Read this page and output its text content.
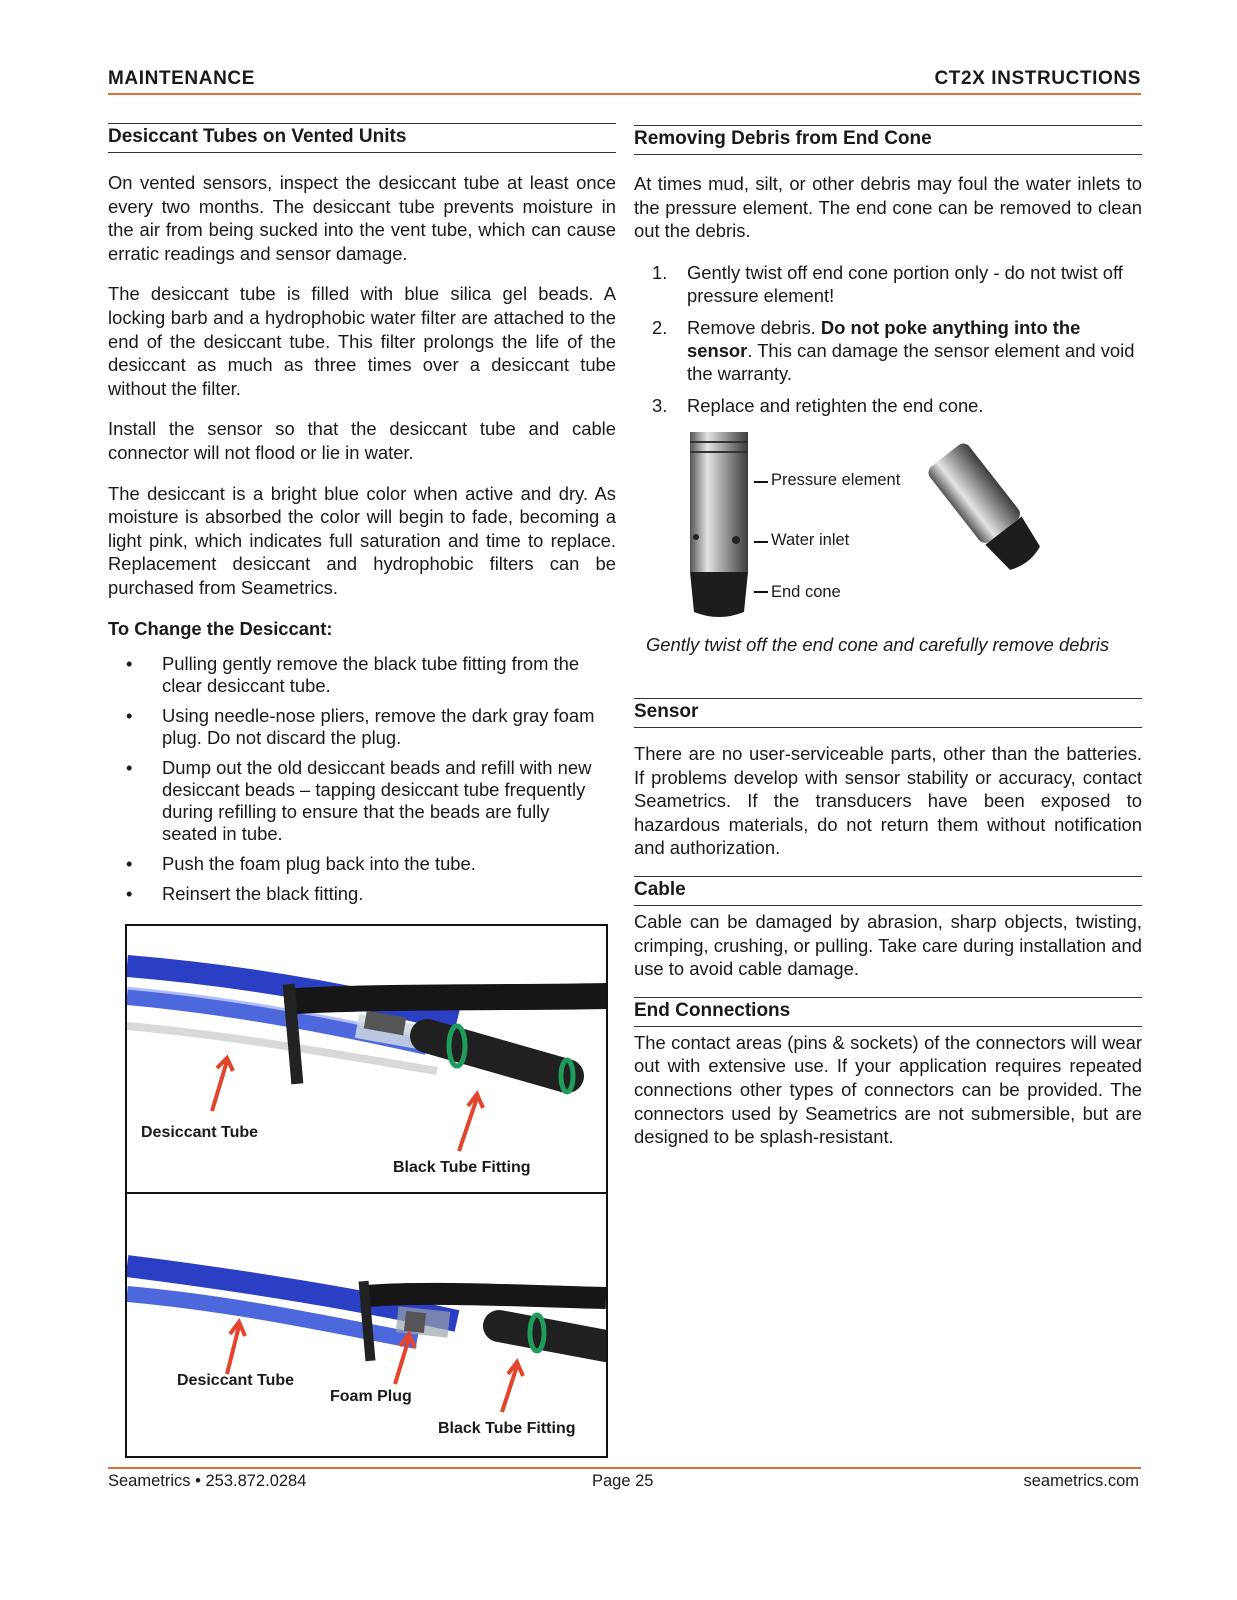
MAINTENANCE	CT2X INSTRUCTIONS
Desiccant Tubes on Vented Units

On vented sensors, inspect the desiccant tube at least once every two months. The desiccant tube prevents moisture in the air from being sucked into the vent tube, which can cause erratic readings and sensor damage.

The desiccant tube is filled with blue silica gel beads. A locking barb and a hydrophobic water filter are attached to the end of the desiccant tube. This filter prolongs the life of the desiccant as much as three times over a desiccant tube without the filter.

Install the sensor so that the desiccant tube and cable connector will not flood or lie in water.

The desiccant is a bright blue color when active and dry. As moisture is absorbed the color will begin to fade, becoming a light pink, which indicates full saturation and time to replace. Replacement desiccant and hydrophobic filters can be purchased from Seametrics.

To Change the Desiccant:
• Pulling gently remove the black tube fitting from the clear desiccant tube.
• Using needle-nose pliers, remove the dark gray foam plug. Do not discard the plug.
• Dump out the old desiccant beads and refill with new desiccant beads – tapping desiccant tube frequently during refilling to ensure that the beads are fully seated in tube.
• Push the foam plug back into the tube.
• Reinsert the black fitting.
Desiccant Tube
Black Tube Fitting
Desiccant Tube
Foam Plug
Black Tube Fitting
Removing Debris from End Cone

At times mud, silt, or other debris may foul the water inlets to the pressure element. The end cone can be removed to clean out the debris.

1. Gently twist off end cone portion only - do not twist off pressure element!
2. Remove debris. Do not poke anything into the sensor. This can damage the sensor element and void the warranty.
3. Replace and retighten the end cone.
Pressure element
Water inlet
End cone
Gently twist off the end cone and carefully remove debris
Sensor

There are no user-serviceable parts, other than the batteries. If problems develop with sensor stability or accuracy, contact Seametrics. If the transducers have been exposed to hazardous materials, do not return them without notification and authorization.

Cable

Cable can be damaged by abrasion, sharp objects, twisting, crimping, crushing, or pulling. Take care during installation and use to avoid cable damage.

End Connections

The contact areas (pins & sockets) of the connectors will wear out with extensive use. If your application requires repeated connections other types of connectors can be provided. The connectors used by Seametrics are not submersible, but are designed to be splash-resistant.

Seametrics • 253.872.0284	Page 25	seametrics.com
